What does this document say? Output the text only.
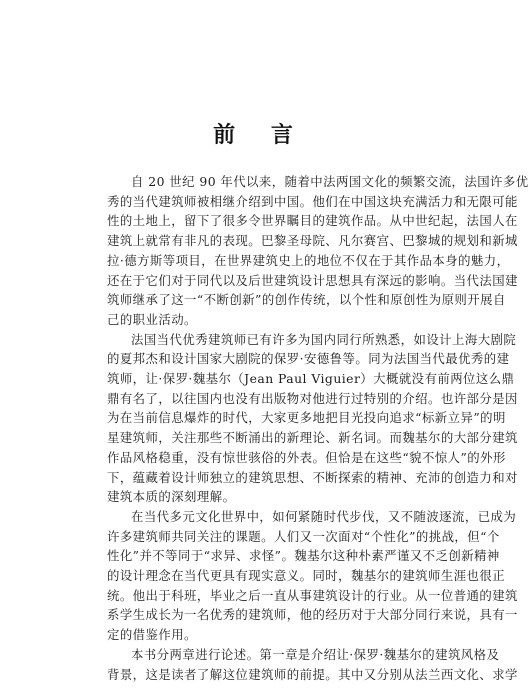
前 言

自 20 世纪 90 年代以来，随着中法两国文化的频繁交流，法国许多优
秀的当代建筑师被相继介绍到中国。他们在中国这块充满活力和无限可能
性的土地上，留下了很多令世界瞩目的建筑作品。从中世纪起，法国人在
建筑上就常有非凡的表现。巴黎圣母院、凡尔赛宫、巴黎城的规划和新城
拉·德方斯等项目，在世界建筑史上的地位不仅在于其作品本身的魅力，
还在于它们对于同代以及后世建筑设计思想具有深远的影响。当代法国建
筑师继承了这一“不断创新”的创作传统，以个性和原创性为原则开展自
己的职业活动。

法国当代优秀建筑师已有许多为国内同行所熟悉，如设计上海大剧院
的夏邦杰和设计国家大剧院的保罗·安德鲁等。同为法国当代最优秀的建
筑师，让·保罗·魏基尔（Jean Paul Viguier）大概就没有前两位这么鼎
鼎有名了，以往国内也没有出版物对他进行过特别的介绍。也许部分是因
为在当前信息爆炸的时代，大家更多地把目光投向追求“标新立异”的明
星建筑师，关注那些不断涌出的新理论、新名词。而魏基尔的大部分建筑
作品风格稳重，没有惊世骇俗的外表。但恰是在这些“貌不惊人”的外形
下，蕴藏着设计师独立的建筑思想、不断探索的精神、充沛的创造力和对
建筑本质的深刻理解。

在当代多元文化世界中，如何紧随时代步伐，又不随波逐流，已成为
许多建筑师共同关注的课题。人们又一次面对“个性化”的挑战，但“个
性化”并不等同于“求异、求怪”。魏基尔这种朴素严谨又不乏创新精神
的设计理念在当代更具有现实意义。同时，魏基尔的建筑师生涯也很正
统。他出于科班，毕业之后一直从事建筑设计的行业。从一位普通的建筑
系学生成长为一名优秀的建筑师，他的经历对于大部分同行来说，具有一
定的借鉴作用。

本书分两章进行论述。第一章是介绍让·保罗·魏基尔的建筑风格及
背景，这是读者了解这位建筑师的前提。其中又分别从法兰西文化、求学
